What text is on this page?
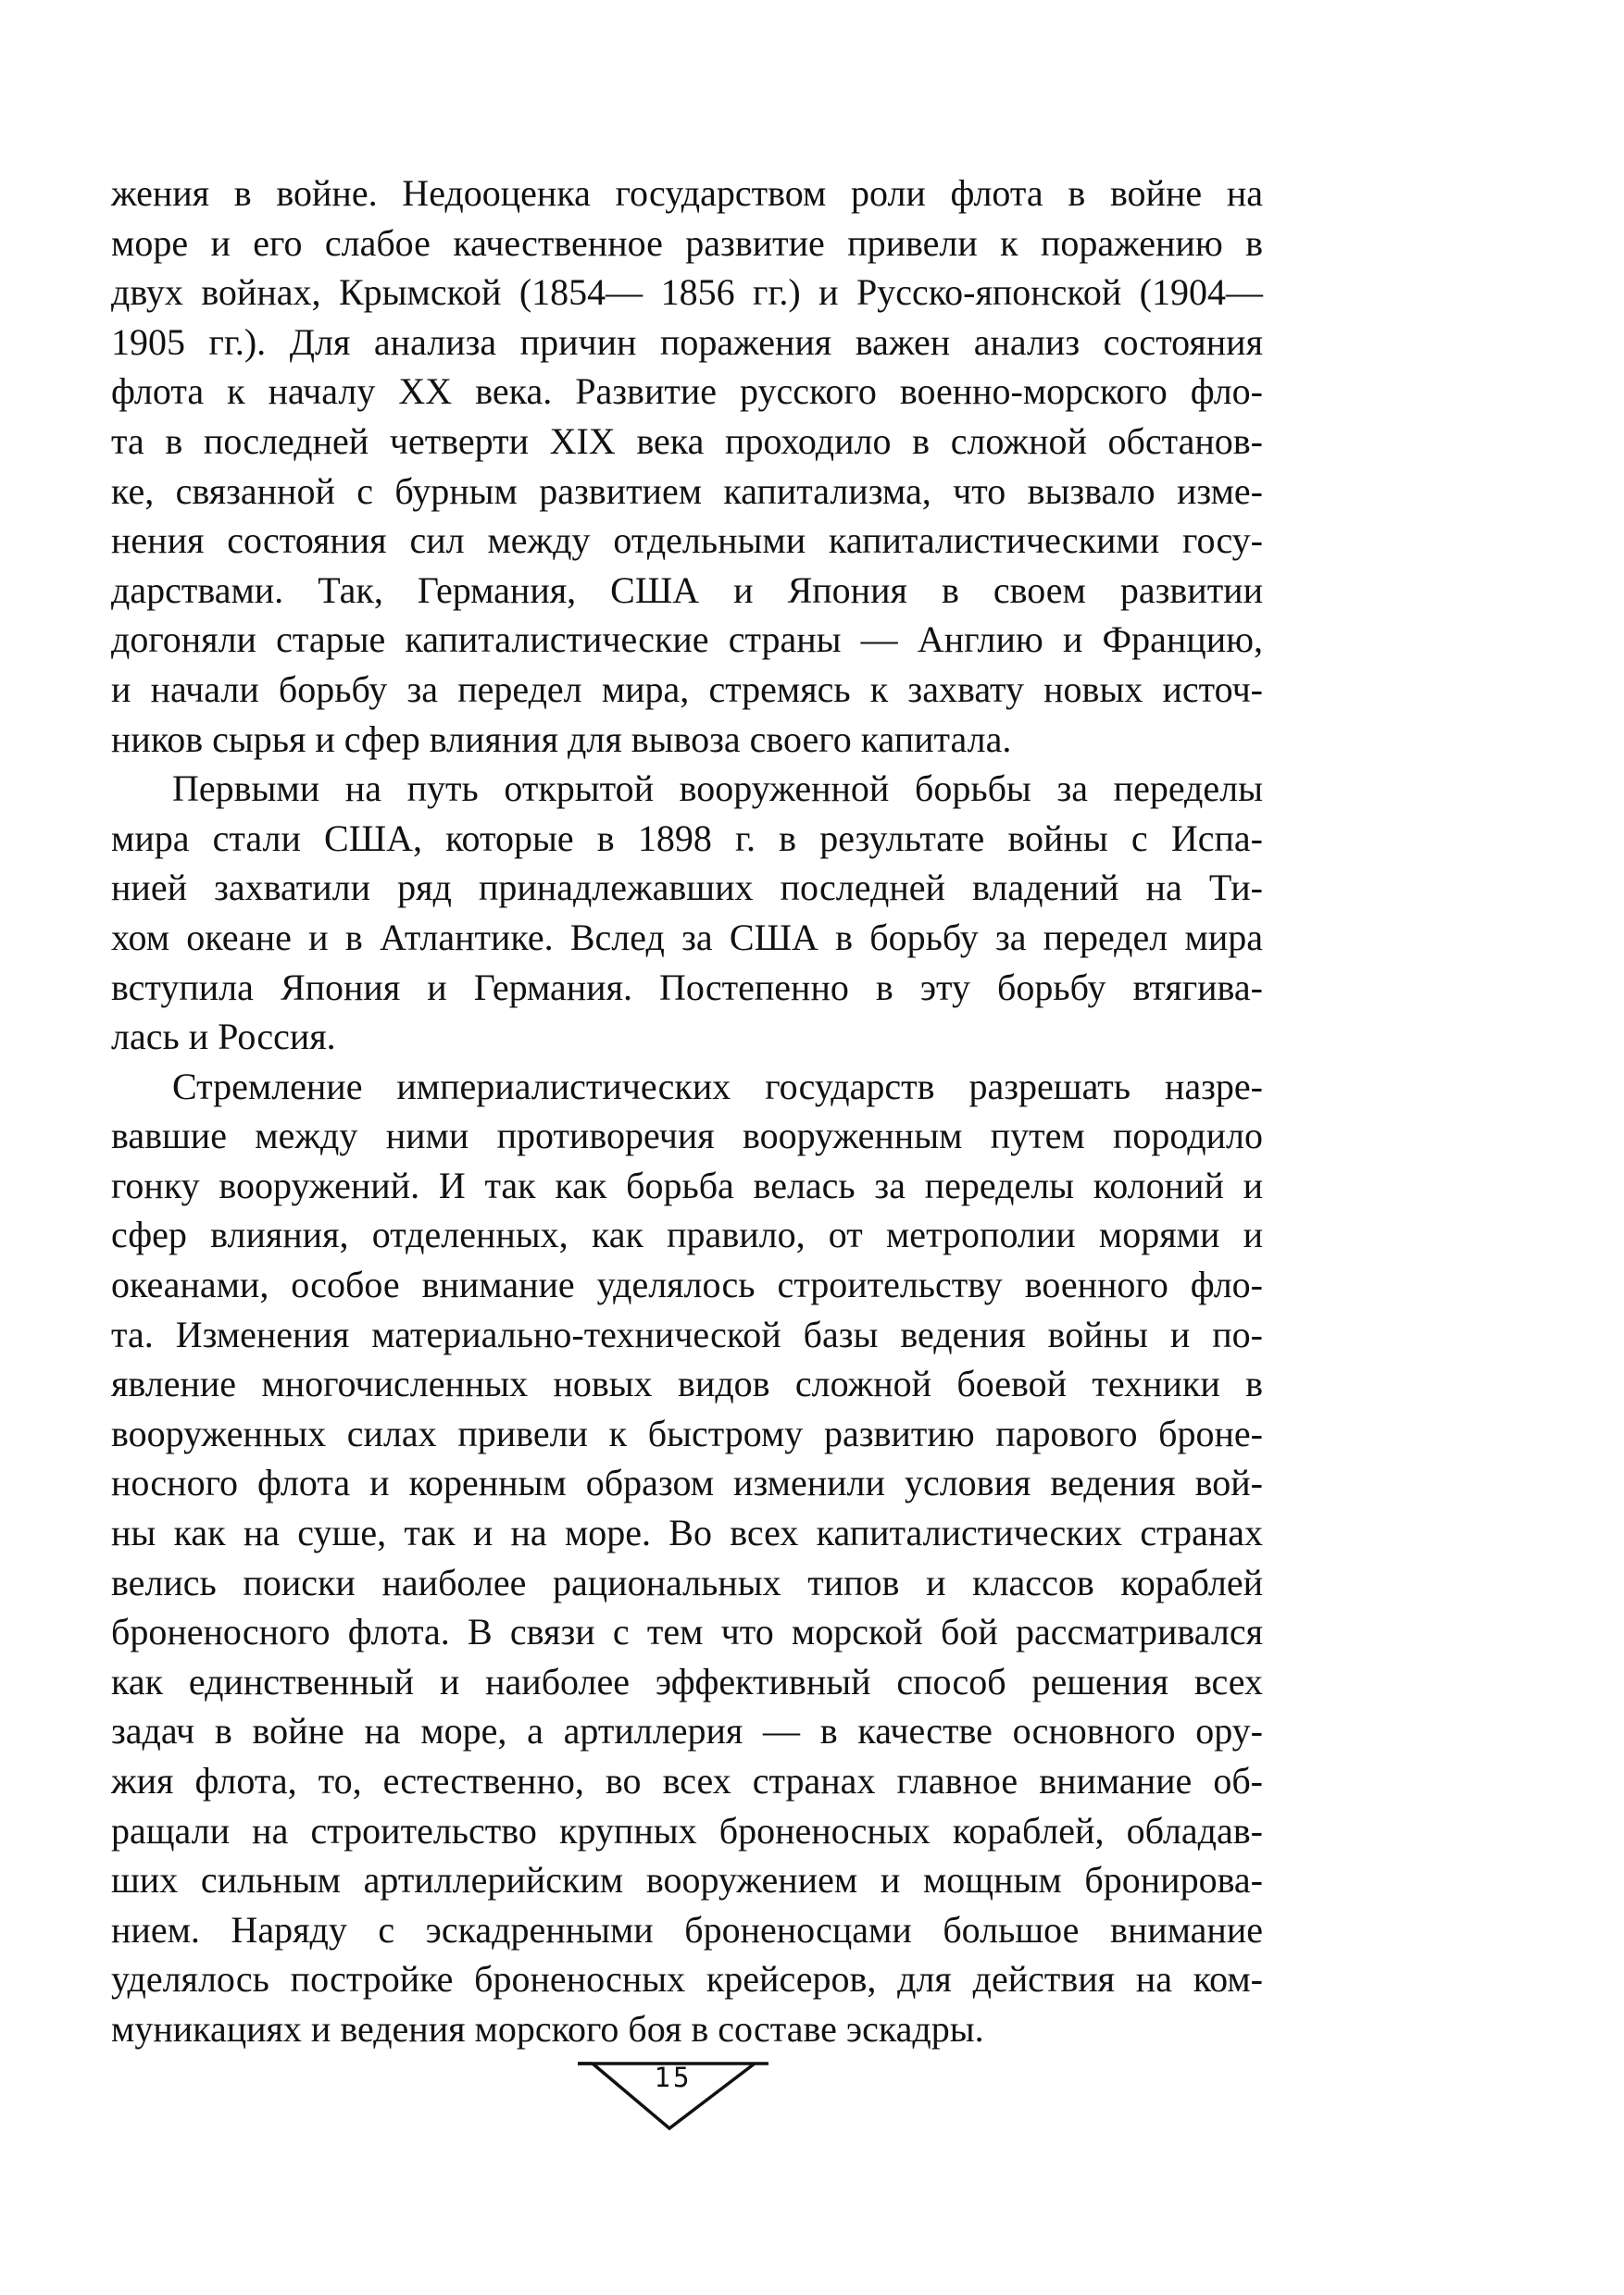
жения в войне. Недооценка государством роли флота в войне на
море и его слабое качественное развитие привели к поражению в
двух войнах, Крымской (1854— 1856 гг.) и Русско-японской (1904—
1905 гг.). Для анализа причин поражения важен анализ состояния
флота к началу XX века. Развитие русского военно-морского фло-
та в последней четверти XIX века проходило в сложной обстанов-
ке, связанной с бурным развитием капитализма, что вызвало изме-
нения состояния сил между отдельными капиталистическими госу-
дарствами. Так, Германия, США и Япония в своем развитии
догоняли старые капиталистические страны — Англию и Францию,
и начали борьбу за передел мира, стремясь к захвату новых источ-
ников сырья и сфер влияния для вывоза своего капитала.
Первыми на путь открытой вооруженной борьбы за переделы
мира стали США, которые в 1898 г. в результате войны с Испа-
нией захватили ряд принадлежавших последней владений на Ти-
хом океане и в Атлантике. Вслед за США в борьбу за передел мира
вступила Япония и Германия. Постепенно в эту борьбу втягива-
лась и Россия.
Стремление империалистических государств разрешать назре-
вавшие между ними противоречия вооруженным путем породило
гонку вооружений. И так как борьба велась за переделы колоний и
сфер влияния, отделенных, как правило, от метрополии морями и
океанами, особое внимание уделялось строительству военного фло-
та. Изменения материально-технической базы ведения войны и по-
явление многочисленных новых видов сложной боевой техники в
вооруженных силах привели к быстрому развитию парового броне-
носного флота и коренным образом изменили условия ведения вой-
ны как на суше, так и на море. Во всех капиталистических странах
велись поиски наиболее рациональных типов и классов кораблей
броненосного флота. В связи с тем что морской бой рассматривался
как единственный и наиболее эффективный способ решения всех
задач в войне на море, а артиллерия — в качестве основного ору-
жия флота, то, естественно, во всех странах главное внимание об-
ращали на строительство крупных броненосных кораблей, обладав-
ших сильным артиллерийским вооружением и мощным бронирова-
нием. Наряду с эскадренными броненосцами большое внимание
уделялось постройке броненосных крейсеров, для действия на ком-
муникациях и ведения морского боя в составе эскадры.
15
